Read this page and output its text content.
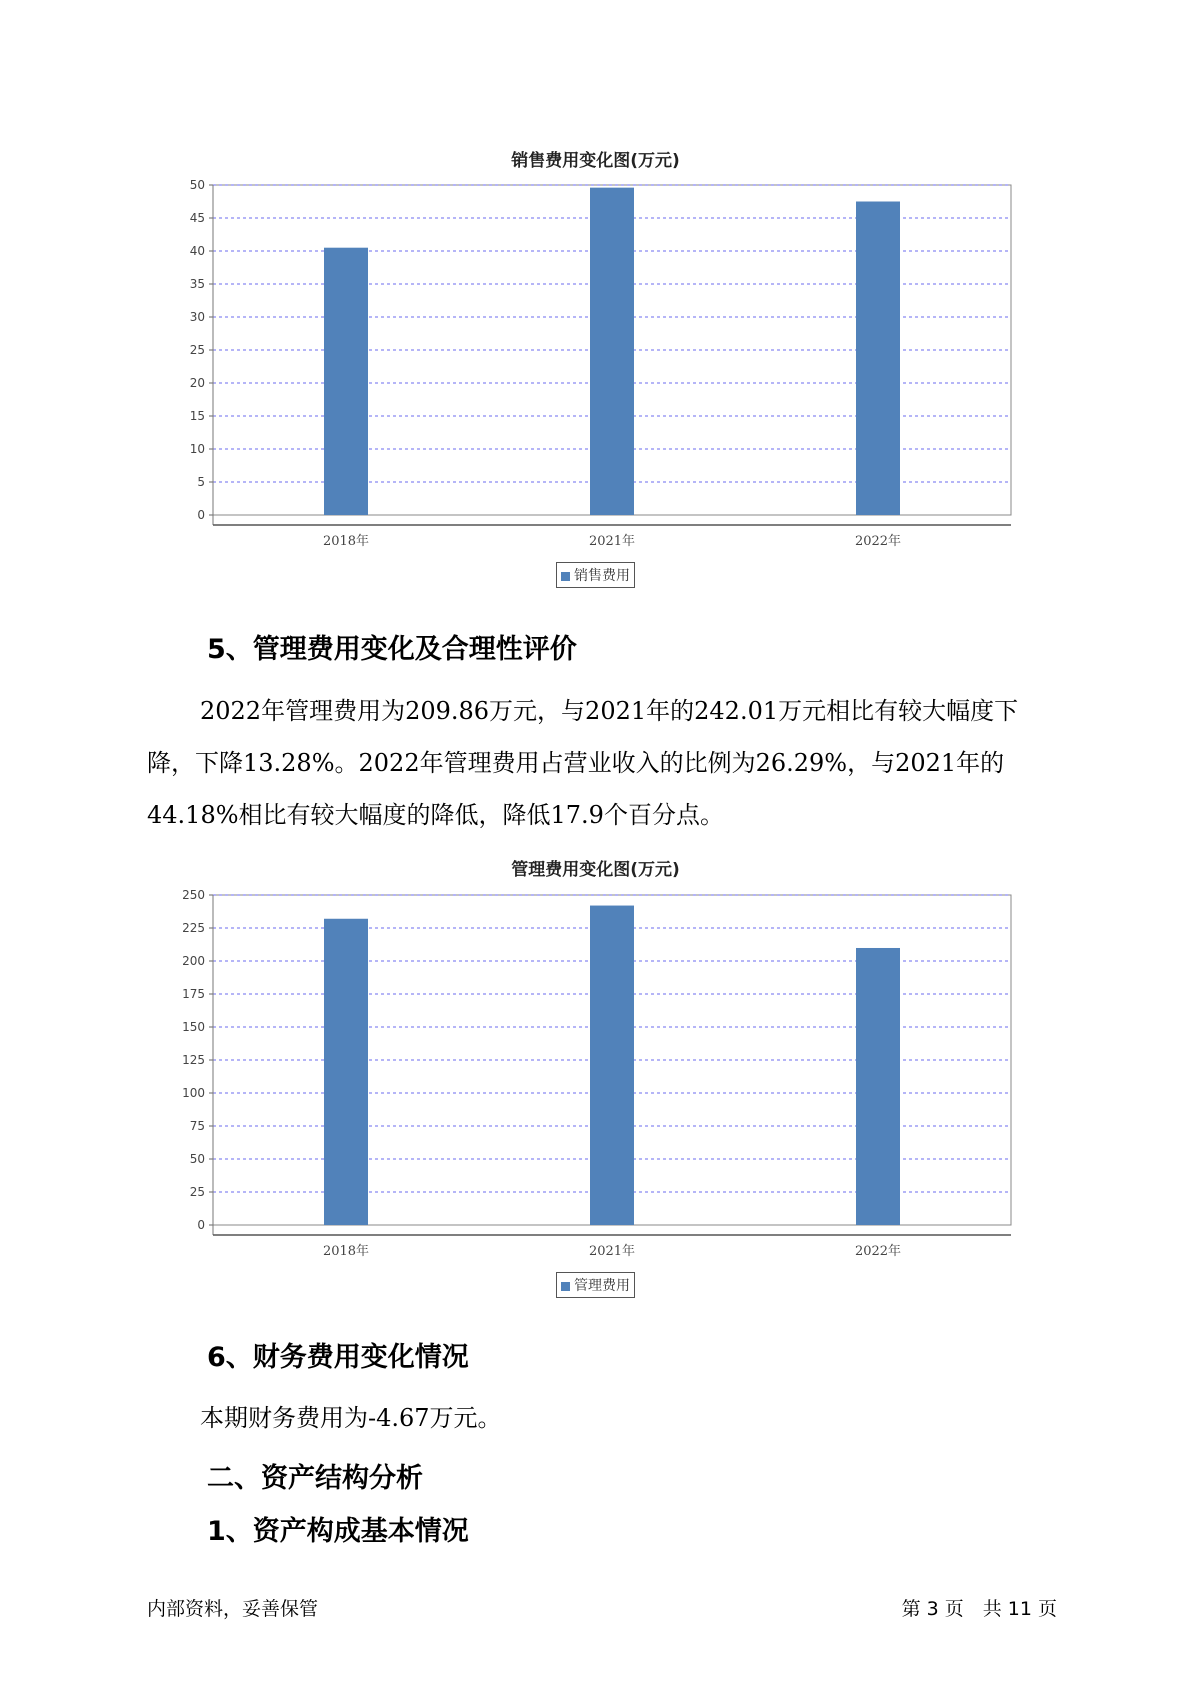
销售费用变化图(万元)
0
5
10
15
20
25
30
35
40
45
50
2018年	2021年	2022年
销售费用
5、管理费用变化及合理性评价
2022年管理费用为209.86万元，与2021年的242.01万元相比有较大幅度下降，下降13.28%。2022年管理费用占营业收入的比例为26.29%，与2021年的44.18%相比有较大幅度的降低，降低17.9个百分点。
管理费用变化图(万元)
0
25
50
75
100
125
150
175
200
225
250
2018年	2021年	2022年
管理费用
6、财务费用变化情况
本期财务费用为-4.67万元。
二、资产结构分析
1、资产构成基本情况
内部资料，妥善保管	第 3 页　共 11 页
